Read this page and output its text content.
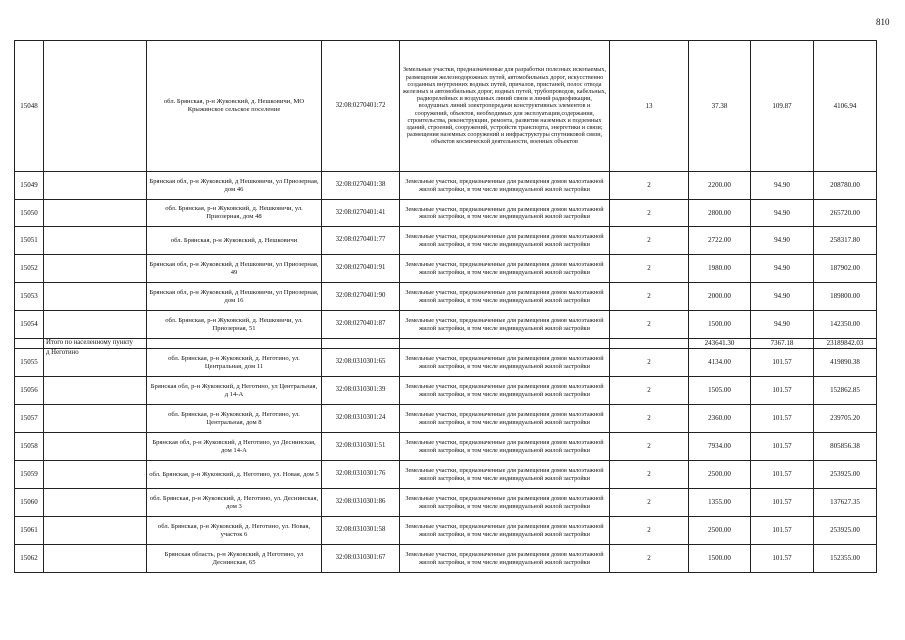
810
15048		обл. Брянская, р-н Жуковский, д. Нешковичи, МО Крыжинское сельское поселение	32:08:0270401:72	Земельные участки, предназначенные для разработки полезных ископаемых, размещения железнодорожных путей, автомобильных дорог, искусственно созданных внутренних водных путей, причалов, пристаней, полос отвода железных и автомобильных дорог, водных путей, трубопроводов, кабельных, радиорелейных и воздушных линий связи и линий радиофикации, воздушных линий электропередачи конструктивных элементов и сооружений, объектов, необходимых для эксплуатации,содержания, строительства, реконструкции, ремонта, развития наземных и подземных зданий, строений, сооружений, устройств транспорта, энергетики и связи; размещения наземных сооружений и инфраструктуры спутниковой связи, объектов космической деятельности, военных объектов	13	37.38	109.87	4106.94
15049		Брянская обл, р-н Жуковский, д Нешковичи, ул Приозерная, дом 46	32:08:0270401:38	Земельные участки, предназначенные для размещения домов малоэтажной жилой застройки, в том числе индивидуальной жилой застройки	2	2200.00	94.90	208780.00
15050		обл. Брянская, р-н Жуковский, д. Нешковичи, ул. Приозерная, дом 48	32:08:0270401:41	Земельные участки, предназначенные для размещения домов малоэтажной жилой застройки, в том числе индивидуальной жилой застройки	2	2800.00	94.90	265720.00
15051		обл. Брянская, р-н Жуковский, д. Нешковичи	32:08:0270401:77	Земельные участки, предназначенные для размещения домов малоэтажной жилой застройки, в том числе индивидуальной жилой застройки	2	2722.00	94.90	258317.80
15052		Брянская обл, р-н Жуковский, д Нешковичи, ул Приозерная, 49	32:08:0270401:91	Земельные участки, предназначенные для размещения домов малоэтажной жилой застройки, в том числе индивидуальной жилой застройки	2	1980.00	94.90	187902.00
15053		Брянская обл, р-н Жуковский, д Нешковичи, ул Приозерная, дом 16	32:08:0270401:90	Земельные участки, предназначенные для размещения домов малоэтажной жилой застройки, в том числе индивидуальной жилой застройки	2	2000.00	94.90	189800.00
15054		обл. Брянская, р-н Жуковский, д. Нешковичи, ул. Приозерная, 51	32:08:0270401:87	Земельные участки, предназначенные для размещения домов малоэтажной жилой застройки, в том числе индивидуальной жилой застройки	2	1500.00	94.90	142350.00
	Итого по населенному пункту					243641.30	7367.18	23189842.03
15055	д Неготино	обл. Брянская, р-н Жуковский, д. Неготино, ул. Центральная, дом 11	32:08:0310301:65	Земельные участки, предназначенные для размещения домов малоэтажной жилой застройки, в том числе индивидуальной жилой застройки	2	4134.00	101.57	419890.38
15056		Брянская обл, р-н Жуковский, д Неготино, ул Центральная, д 14-А	32:08:0310301:39	Земельные участки, предназначенные для размещения домов малоэтажной жилой застройки, в том числе индивидуальной жилой застройки	2	1505.00	101.57	152862.85
15057		обл. Брянская, р-н Жуковский, д. Неготино, ул. Центральная, дом 8	32:08:0310301:24	Земельные участки, предназначенные для размещения домов малоэтажной жилой застройки, в том числе индивидуальной жилой застройки	2	2360.00	101.57	239705.20
15058		Брянская обл, р-н Жуковский, д Неготино, ул Деснинская, дом 14-А	32:08:0310301:51	Земельные участки, предназначенные для размещения домов малоэтажной жилой застройки, в том числе индивидуальной жилой застройки	2	7934.00	101.57	805856.38
15059		обл. Брянская, р-н Жуковский, д. Неготино, ул. Новая, дом 5	32:08:0310301:76	Земельные участки, предназначенные для размещения домов малоэтажной жилой застройки, в том числе индивидуальной жилой застройки	2	2500.00	101.57	253925.00
15060		обл. Брянская, р-н Жуковский, д. Неготино, ул. Деснинская, дом 3	32:08:0310301:86	Земельные участки, предназначенные для размещения домов малоэтажной жилой застройки, в том числе индивидуальной жилой застройки	2	1355.00	101.57	137627.35
15061		обл. Брянская, р-н Жуковский, д. Неготино, ул. Новая, участок 6	32:08:0310301:58	Земельные участки, предназначенные для размещения домов малоэтажной жилой застройки, в том числе индивидуальной жилой застройки	2	2500.00	101.57	253925.00
15062		Брянская область, р-н Жуковский, д Неготино, ул Деснинская, 65	32:08:0310301:67	Земельные участки, предназначенные для размещения домов малоэтажной жилой застройки, в том числе индивидуальной жилой застройки	2	1500.00	101.57	152355.00
